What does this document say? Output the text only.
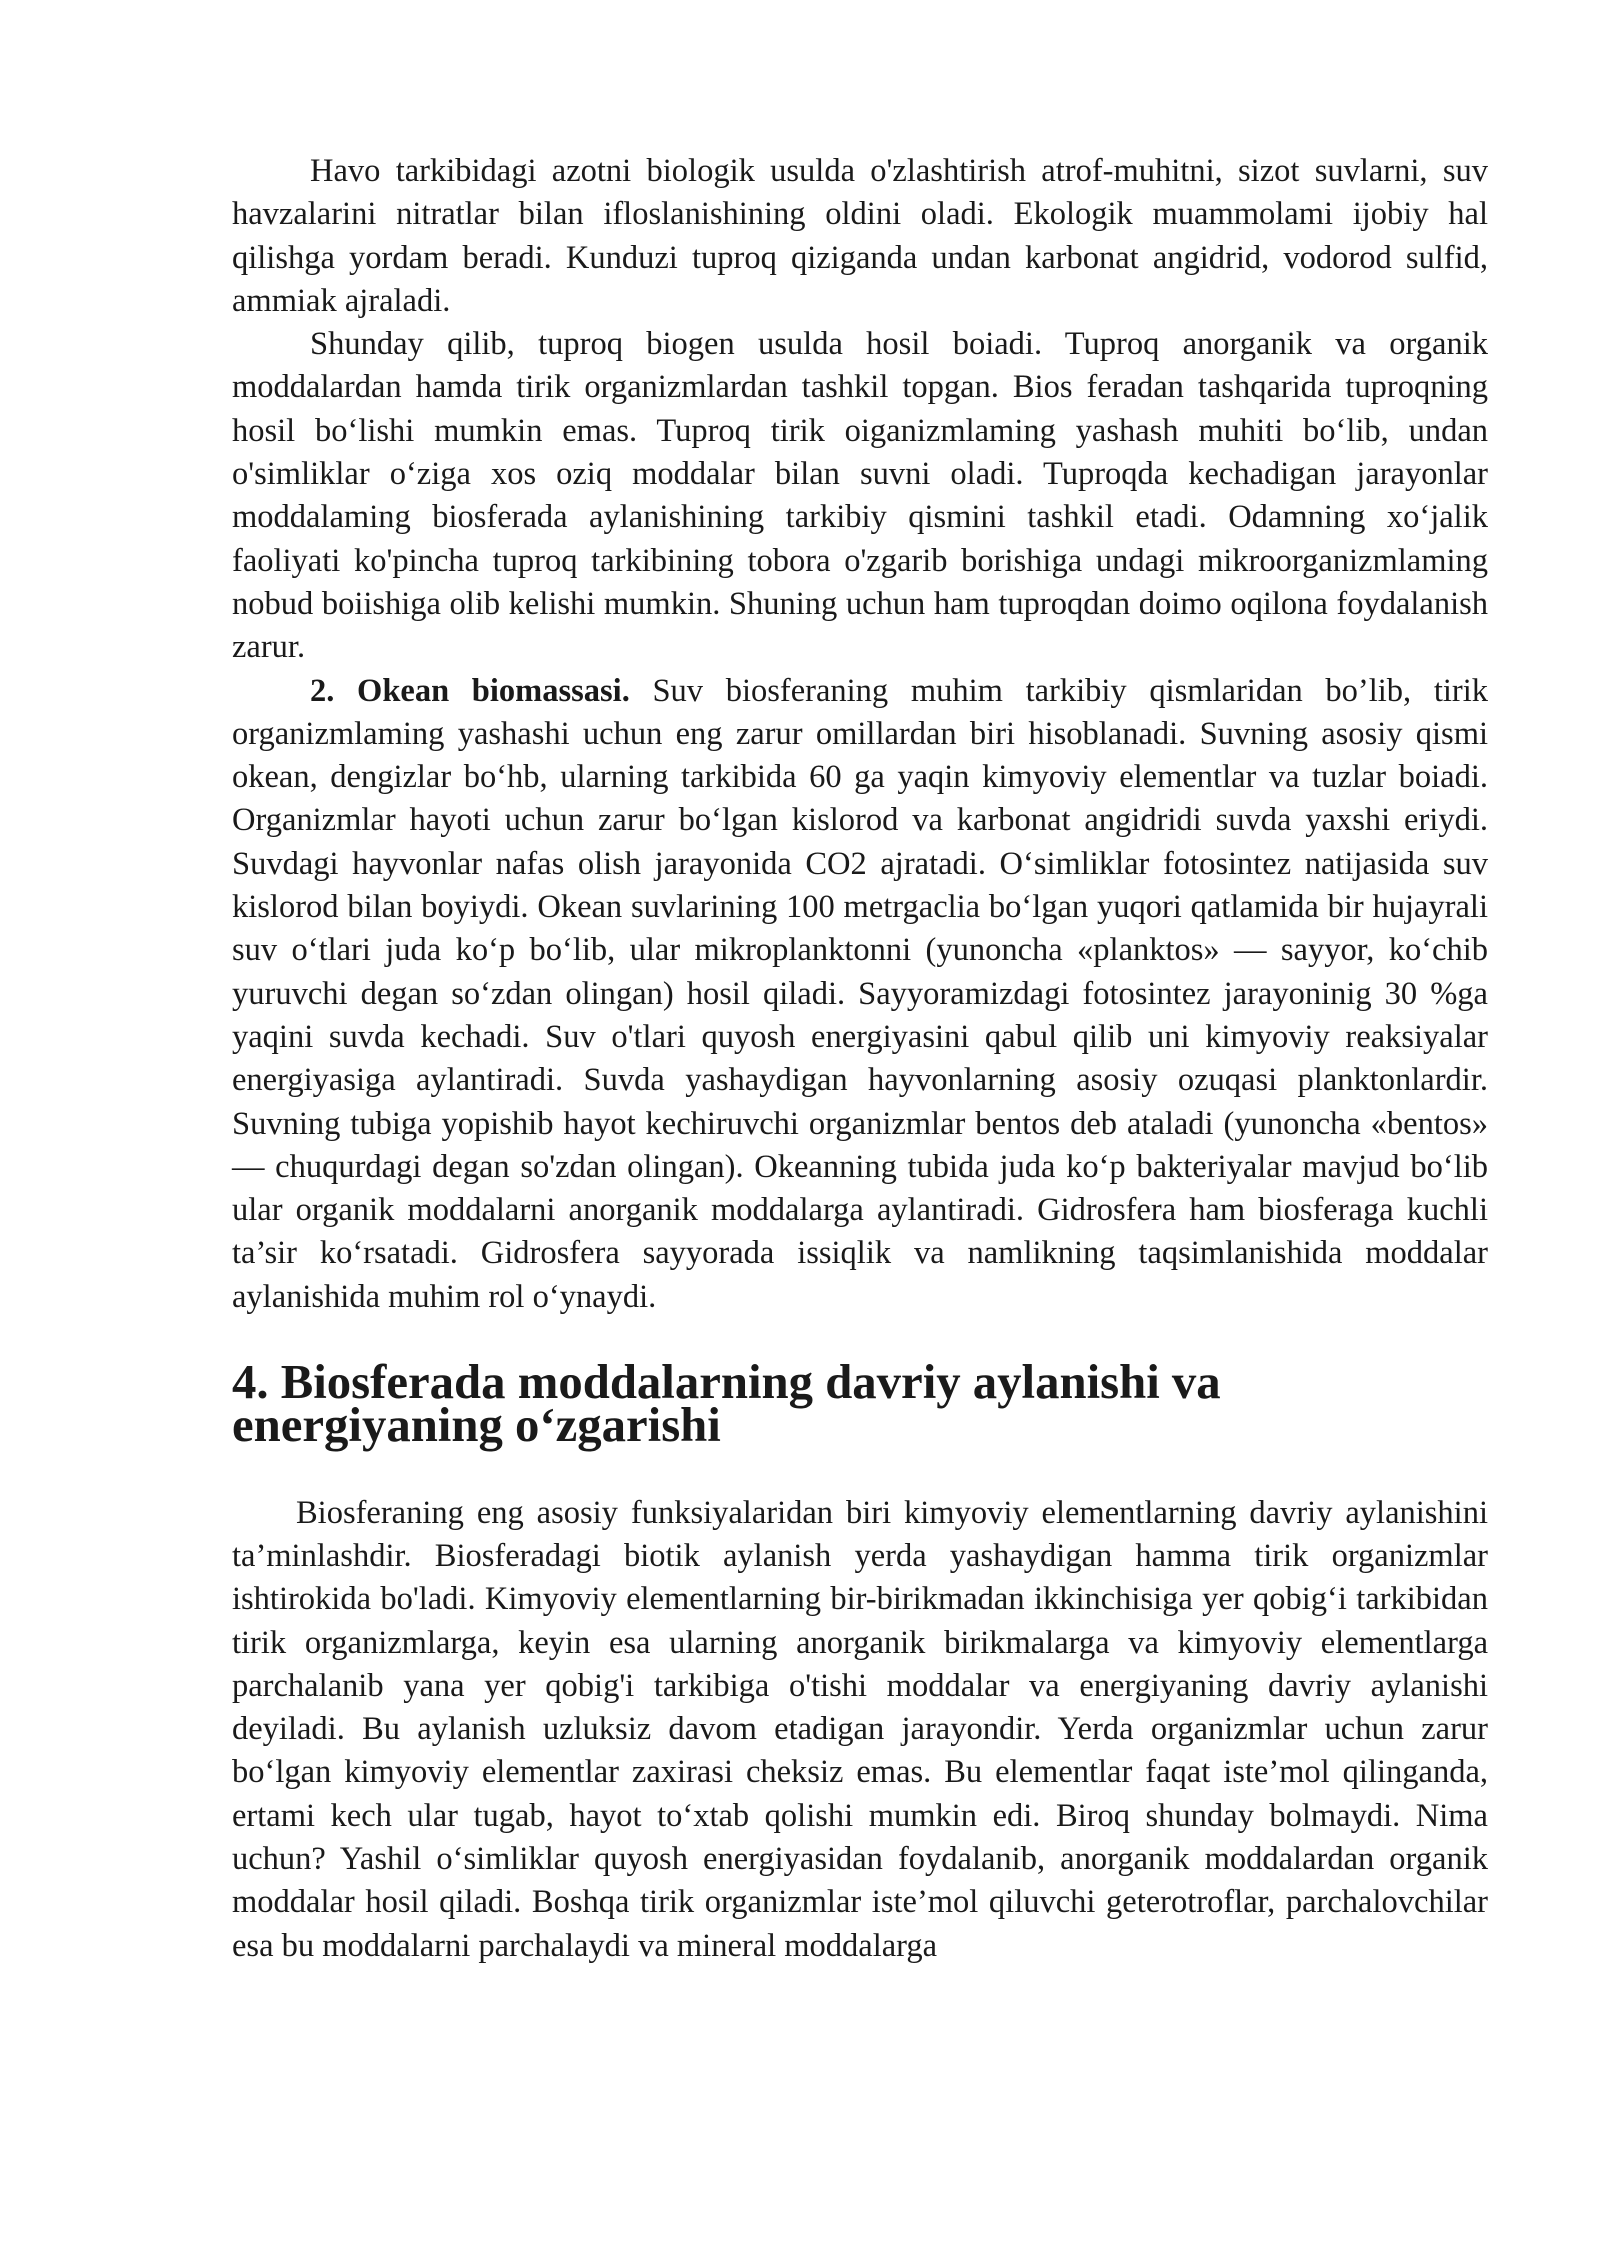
Havo tarkibidagi azotni biologik usulda o'zlashtirish atrof-muhitni, sizot suvlarni, suv havzalarini nitratlar bilan ifloslanishining oldini oladi. Ekologik muammolami ijobiy hal qilishga yordam beradi. Kunduzi tuproq qiziganda undan karbonat angidrid, vodorod sulfid, ammiak ajraladi.

Shunday qilib, tuproq biogen usulda hosil boiadi. Tuproq anorganik va organik moddalardan hamda tirik organizmlardan tashkil topgan. Bios feradan tashqarida tuproqning hosil bo‘lishi mumkin emas. Tuproq tirik oiganizmlaming yashash muhiti bo‘lib, undan o'simliklar o‘ziga xos oziq moddalar bilan suvni oladi. Tuproqda kechadigan jarayonlar moddalaming biosferada aylanishining tarkibiy qismini tashkil etadi. Odamning xo‘jalik faoliyati ko'pincha tuproq tarkibining tobora o'zgarib borishiga undagi mikroorganizmlaming nobud boiishiga olib kelishi mumkin. Shuning uchun ham tuproqdan doimo oqilona foydalanish zarur.

2. Okean biomassasi. Suv biosferaning muhim tarkibiy qismlaridan bo’lib, tirik organizmlaming yashashi uchun eng zarur omillardan biri hisoblanadi. Suvning asosiy qismi okean, dengizlar bo‘hb, ularning tarkibida 60 ga yaqin kimyoviy elementlar va tuzlar boiadi. Organizmlar hayoti uchun zarur bo‘lgan kislorod va karbonat angidridi suvda yaxshi eriydi. Suvdagi hayvonlar nafas olish jarayonida CO2 ajratadi. O‘simliklar fotosintez natijasida suv kislorod bilan boyiydi. Okean suvlarining 100 metrgaclia bo‘lgan yuqori qatlamida bir hujayrali suv o‘tlari juda ko‘p bo‘lib, ular mikroplanktonni (yunoncha «planktos» — sayyor, ko‘chib yuruvchi degan so‘zdan olingan) hosil qiladi. Sayyoramizdagi fotosintez jarayoninig 30 %ga yaqini suvda kechadi. Suv o'tlari quyosh energiyasini qabul qilib uni kimyoviy reaksiyalar energiyasiga aylantiradi. Suvda yashaydigan hayvonlarning asosiy ozuqasi planktonlardir. Suvning tubiga yopishib hayot kechiruvchi organizmlar bentos deb ataladi (yunoncha «bentos» — chuqurdagi degan so'zdan olingan). Okeanning tubida juda ko‘p bakteriyalar mavjud bo‘lib ular organik moddalarni anorganik moddalarga aylantiradi. Gidrosfera ham biosferaga kuchli ta’sir ko‘rsatadi. Gidrosfera sayyorada issiqlik va namlikning taqsimlanishida moddalar aylanishida muhim rol o‘ynaydi.

4. Biosferada moddalarning davriy aylanishi va energiyaning o‘zgarishi

Biosferaning eng asosiy funksiyalaridan biri kimyoviy elementlarning davriy aylanishini ta’minlashdir. Biosferadagi biotik aylanish yerda yashaydigan hamma tirik organizmlar ishtirokida bo'ladi. Kimyoviy elementlarning bir-birikmadan ikkinchisiga yer qobig‘i tarkibidan tirik organizmlarga, keyin esa ularning anorganik birikmalarga va kimyoviy elementlarga parchalanib yana yer qobig'i tarkibiga o'tishi moddalar va energiyaning davriy aylanishi deyiladi. Bu aylanish uzluksiz davom etadigan jarayondir. Yerda organizmlar uchun zarur bo‘lgan kimyoviy elementlar zaxirasi cheksiz emas. Bu elementlar faqat iste’mol qilinganda, ertami kech ular tugab, hayot to‘xtab qolishi mumkin edi. Biroq shunday bolmaydi. Nima uchun? Yashil o‘simliklar quyosh energiyasidan foydalanib, anorganik moddalardan organik moddalar hosil qiladi. Boshqa tirik organizmlar iste’mol qiluvchi geterotroflar, parchalovchilar esa bu moddalarni parchalaydi va mineral moddalarga
